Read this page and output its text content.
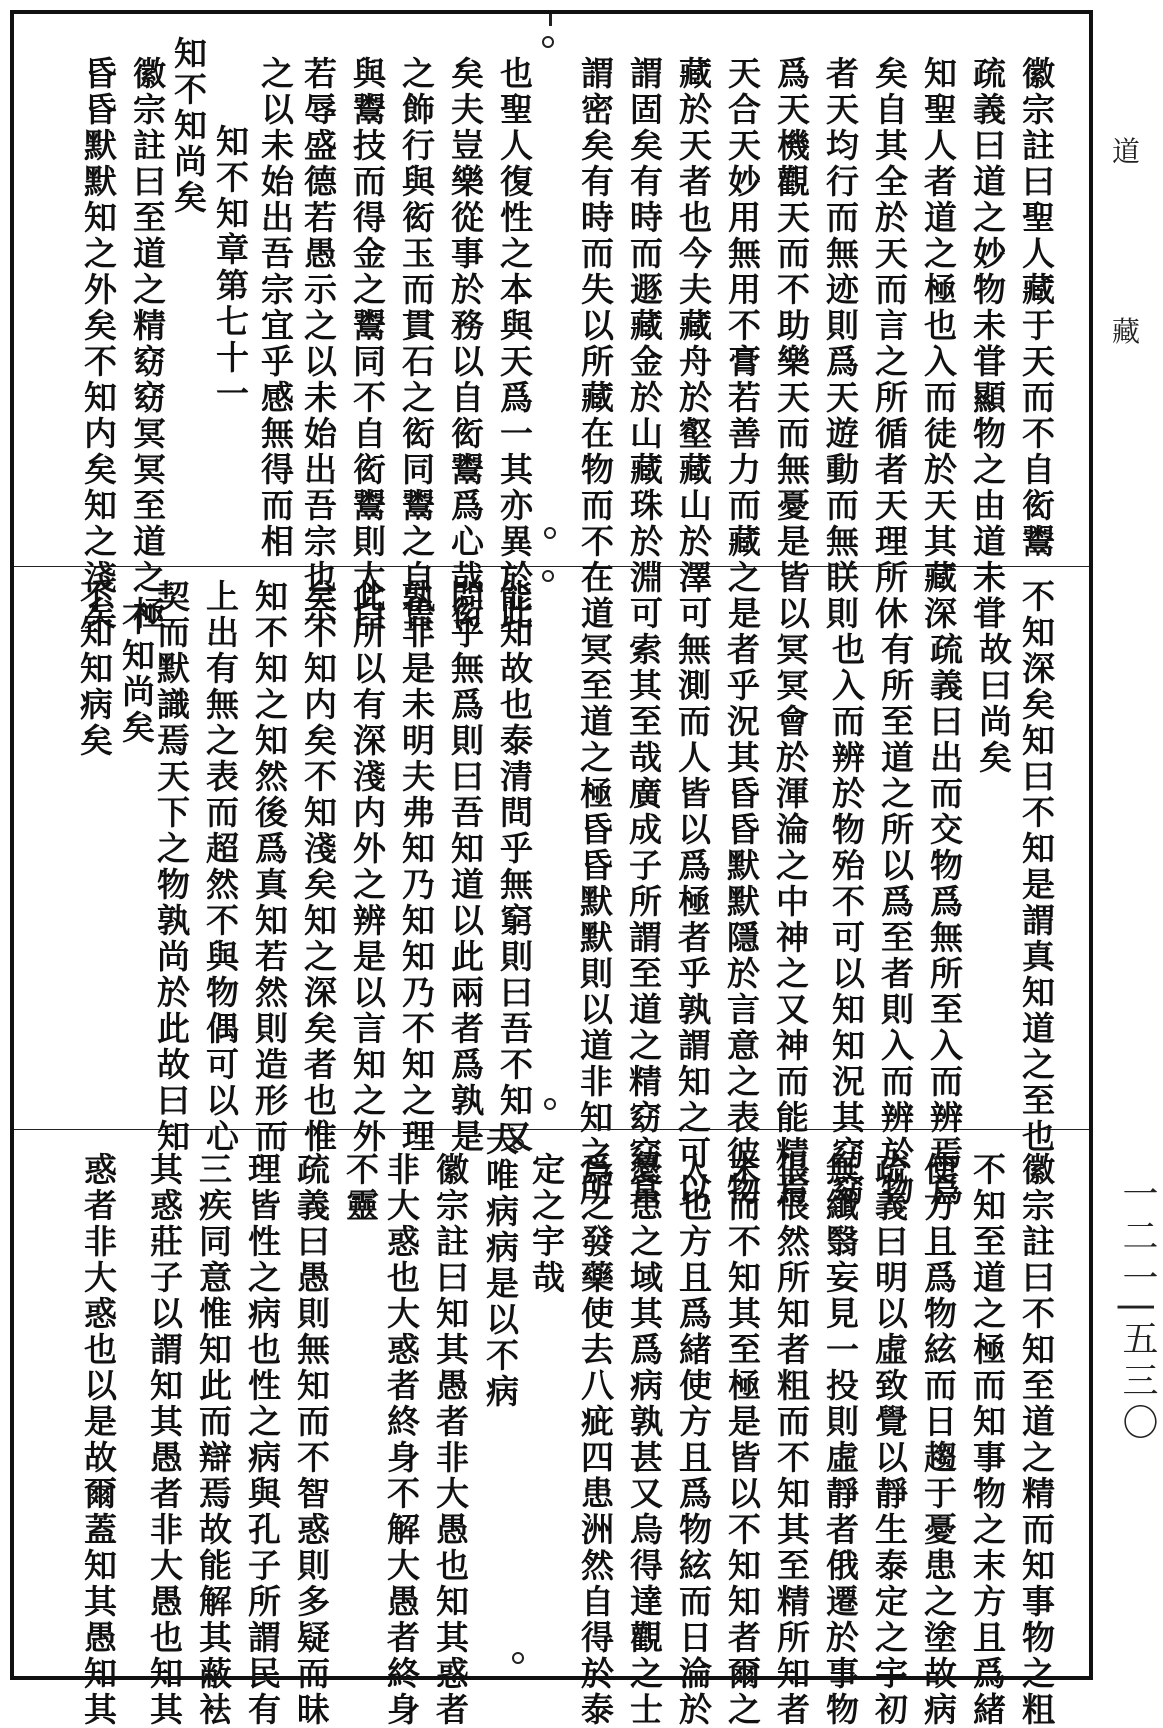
道
藏
一二一|五三〇
徽宗註曰聖人藏于天而不自衒鬻
疏義曰道之妙物未甞顯物之由道未甞
知聖人者道之極也入而徒於天其藏深
矣自其全於天而言之所循者天理所休
者天均行而無迹則爲天遊動而無眹則
爲天機觀天而不助樂天而無憂是皆以
天合天妙用無用不膏若善力而藏之是
藏於天者也今夫藏舟於壑藏山於澤可
謂固矣有時而遯藏金於山藏珠於淵可
謂密矣有時而失以所藏在物而不在道
也聖人復性之本與天爲一其亦異於此
矣夫豈樂從事於務以自衒鬻爲心哉衒
之飾行與衒玉而貫石之衒同鬻之自售
與鬻技而得金之鬻同不自衒鬻則太白
若辱盛德若愚示之以未始出吾宗也示
之以未始出吾宗宜乎感無得而相
知不知章第七十一
知不知尚矣
徽宗註曰至道之精窈窈冥冥至道之極
昏昏默默知之外矣不知内矣知之淺矣
不知深矣知曰不知是謂真知道之至也
故曰尚矣
疏義曰出而交物爲無所至入而辨焉爲
有所至道之所以爲至者則入而辨於物
也入而辨於物殆不可以知知況其窈窈
冥冥會於渾淪之中神之又神而能精焉
者乎況其昏昏默默隱於言意之表彼物
無測而人皆以爲極者乎孰謂知之可以
索其至哉廣成子所謂至道之精窈窈冥
冥至道之極昏昏默默則以道非知之所
能知故也泰清問乎無窮則曰吾不知又
問乎無爲則曰吾知道以此兩者爲孰是
孰非是未明夫弗知乃知知乃不知之理
此所以有深淺内外之辨是以言知之外
矣不知内矣不知淺矣知之深矣者也惟
知不知之知然後爲真知若然則造形而
上出有無之表而超然不與物偶可以心
契而默識焉天下之物孰尚於此故曰知
不知尚矣
不知知病矣
徽宗註曰不知至道之精而知事物之粗
不知至道之極而知事物之末方且爲緒
使方且爲物絃而日趨于憂患之塗故病
疏義曰明以虛致覺以靜生泰定之宇初
無纖翳妄見一投則虛靜者俄遷於事物
倀倀然所知者粗而不知其至精所知者
末而不知其至極是皆以不知知者爾之
人也方且爲緒使方且爲物絃而日淪於
憂患之域其爲病孰甚又烏得達觀之士
爲之發藥使去八疵四患洲然自得於泰
定之宇哉
夫唯病病是以不病
徽宗註曰知其愚者非大愚也知其惑者
非大惑也大惑者終身不解大愚者終身
不靈
疏義曰愚則無知而不智惑則多疑而昧
理皆性之病也性之病與孔子所謂民有
三疾同意惟知此而辯焉故能解其蔽袪
其惑莊子以謂知其愚者非大愚也知其
惑者非大惑也以是故爾蓋知其愚知其
